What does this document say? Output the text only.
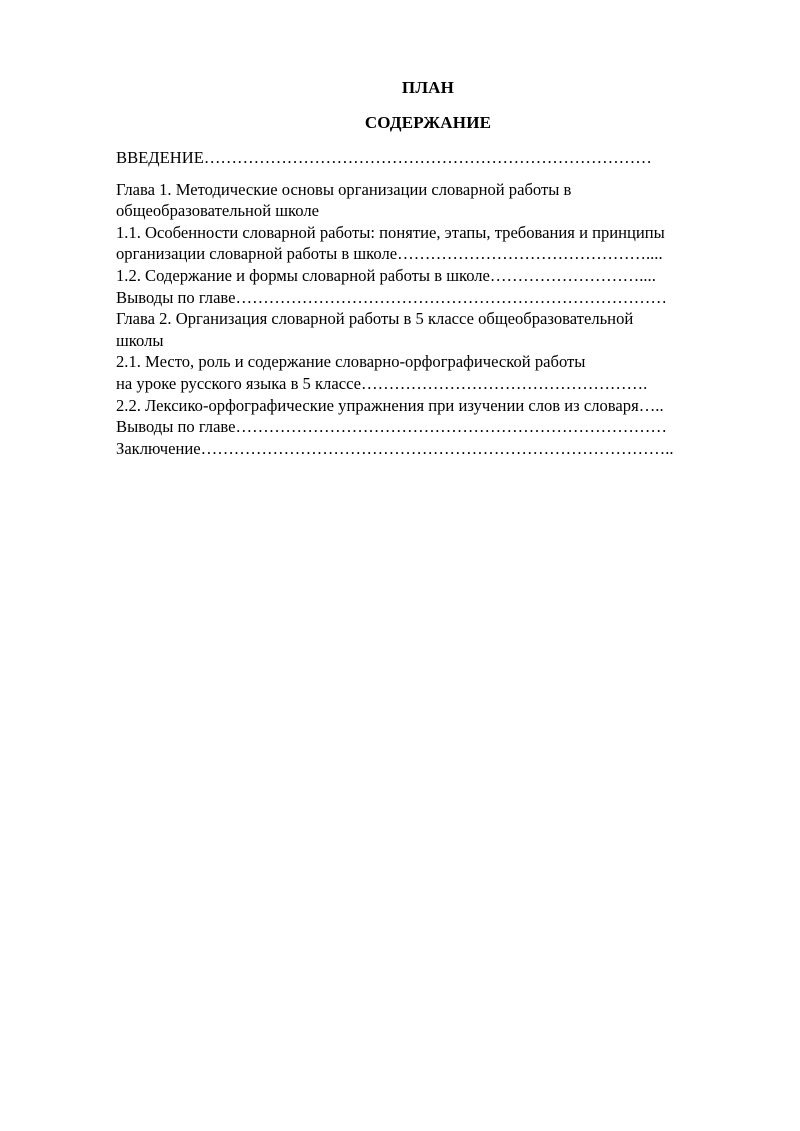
ПЛАН
СОДЕРЖАНИЕ
ВВЕДЕНИЕ………………………………………………………………………
Глава 1. Методические основы организации словарной работы в
общеобразовательной школе
1.1. Особенности словарной работы: понятие, этапы, требования и принципы
организации словарной работы в школе………………………………………....
1.2. Содержание и формы словарной работы в школе………………………....
Выводы по главе……………………………………………………………………
Глава 2. Организация словарной работы в 5 классе общеобразовательной
школы
2.1. Место, роль и содержание словарно-орфографической работы
на уроке русского языка в 5 классе…………………………………………….
2.2. Лексико-орфографические упражнения при изучении слов из словаря…..
Выводы по главе……………………………………………………………………
Заключение…………………………………………………………………………..
